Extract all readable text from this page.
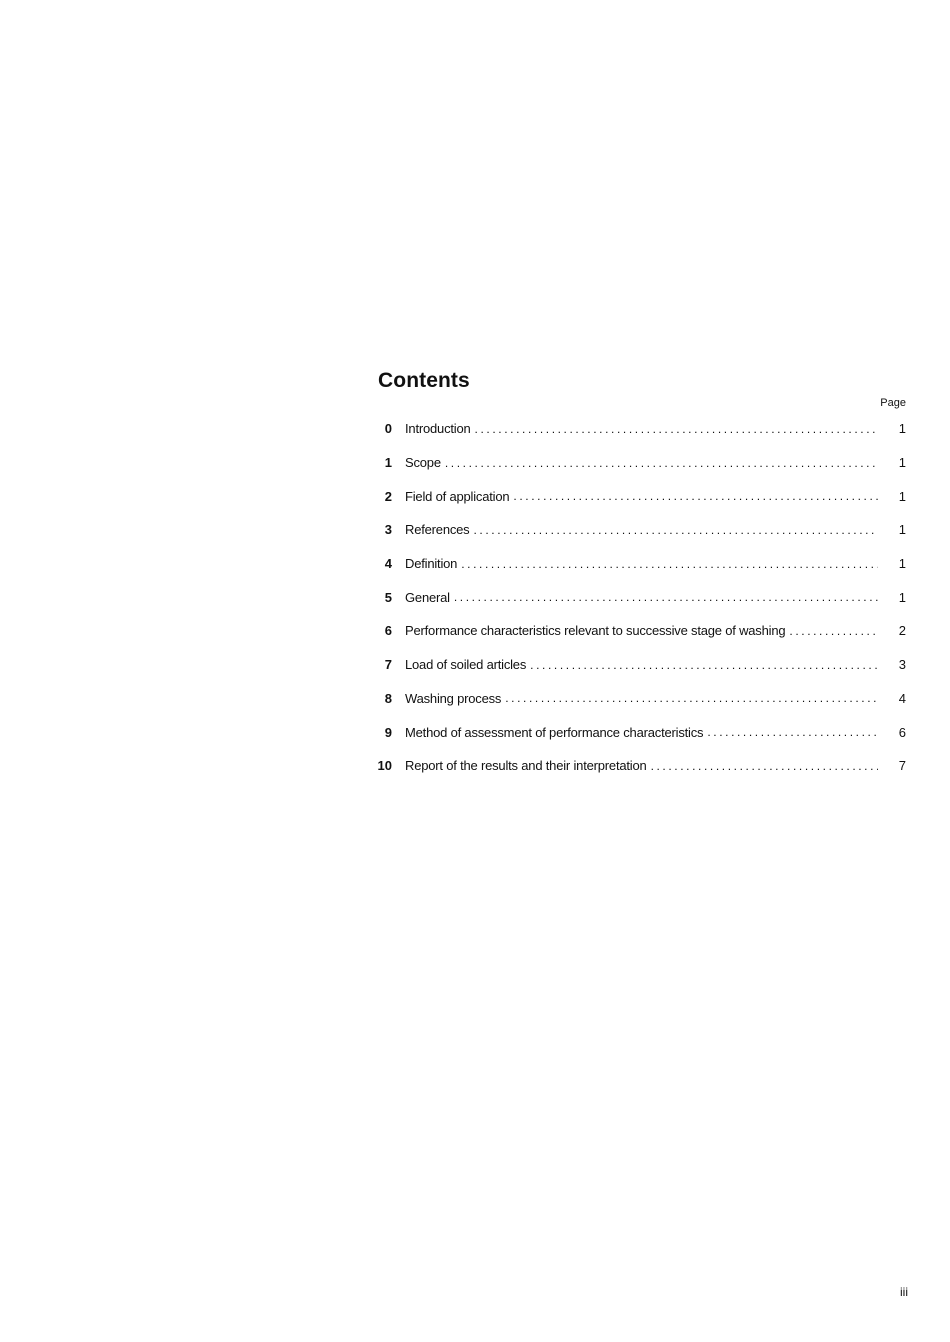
Contents
Page
0 Introduction .....	1
1 Scope .....	1
2 Field of application .....	1
3 References .....	1
4 Definition .....	1
5 General .....	1
6 Performance characteristics relevant to successive stage of washing .....	2
7 Load of soiled articles .....	3
8 Washing process .....	4
9 Method of assessment of performance characteristics .....	6
10 Report of the results and their interpretation .....	7
iii
